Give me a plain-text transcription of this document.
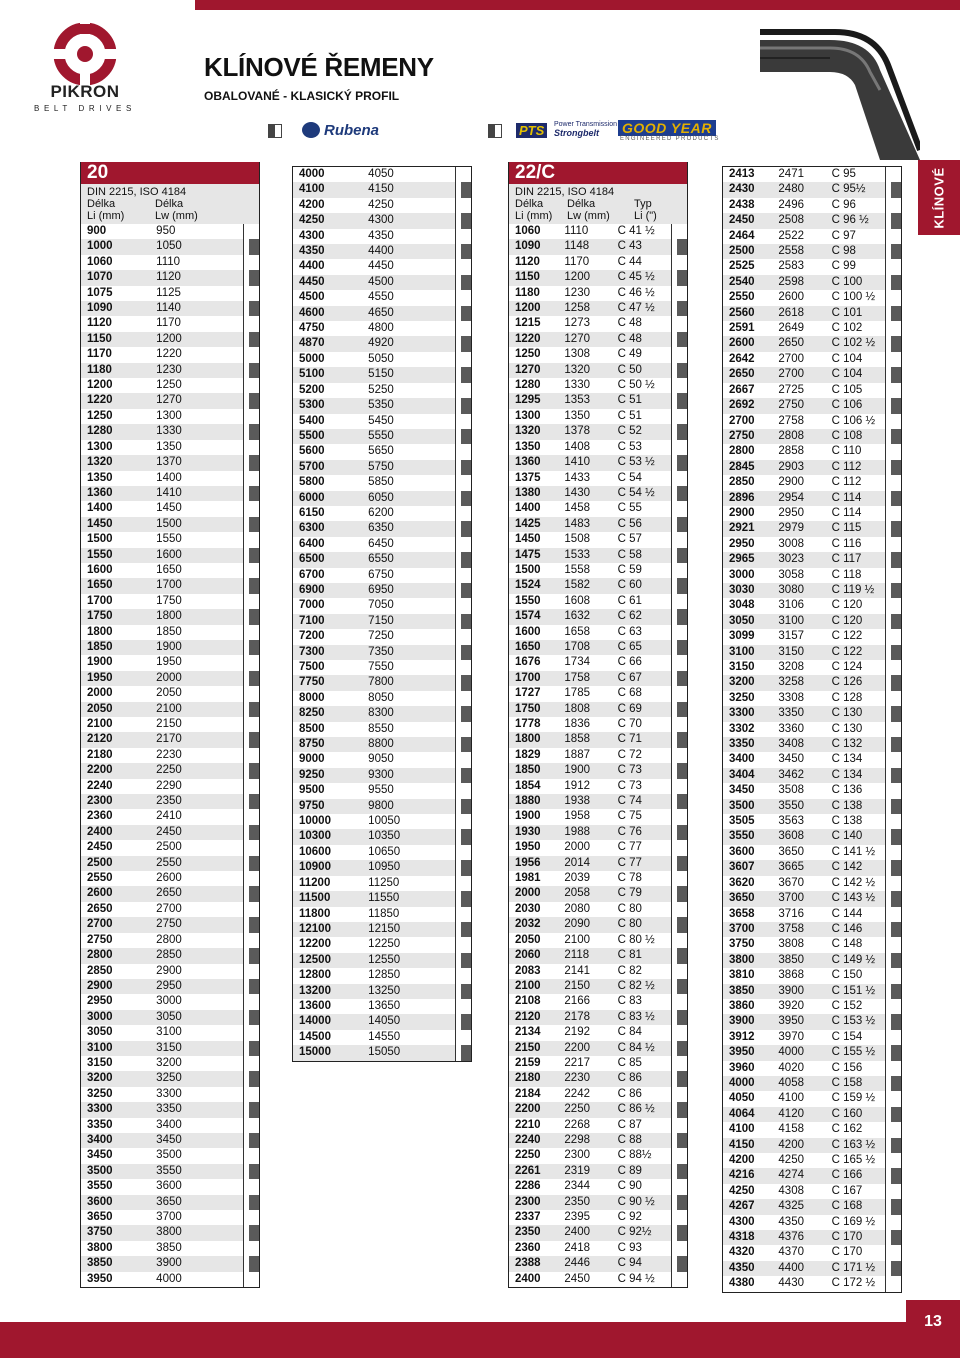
PIKRON
BELT DRIVES
KLÍNOVÉ ŘEMENY
OBALOVANÉ - KLASICKÝ PROFIL
Rubena	PTS	Power Transmission
Strongbelt	GOOD YEAR
ENGINEERED PRODUCTS
KLÍNOVÉ
20
DIN 2215, ISO 4184
Délka	Délka
Li (mm)	Lw (mm)
900	950
1000	1050
1060	1110
1070	1120
1075	1125
1090	1140
1120	1170
1150	1200
1170	1220
1180	1230
1200	1250
1220	1270
1250	1300
1280	1330
1300	1350
1320	1370
1350	1400
1360	1410
1400	1450
1450	1500
1500	1550
1550	1600
1600	1650
1650	1700
1700	1750
1750	1800
1800	1850
1850	1900
1900	1950
1950	2000
2000	2050
2050	2100
2100	2150
2120	2170
2180	2230
2200	2250
2240	2290
2300	2350
2360	2410
2400	2450
2450	2500
2500	2550
2550	2600
2600	2650
2650	2700
2700	2750
2750	2800
2800	2850
2850	2900
2900	2950
2950	3000
3000	3050
3050	3100
3100	3150
3150	3200
3200	3250
3250	3300
3300	3350
3350	3400
3400	3450
3450	3500
3500	3550
3550	3600
3600	3650
3650	3700
3750	3800
3800	3850
3850	3900
3950	4000
4000	4050
4100	4150
4200	4250
4250	4300
4300	4350
4350	4400
4400	4450
4450	4500
4500	4550
4600	4650
4750	4800
4870	4920
5000	5050
5100	5150
5200	5250
5300	5350
5400	5450
5500	5550
5600	5650
5700	5750
5800	5850
6000	6050
6150	6200
6300	6350
6400	6450
6500	6550
6700	6750
6900	6950
7000	7050
7100	7150
7200	7250
7300	7350
7500	7550
7750	7800
8000	8050
8250	8300
8500	8550
8750	8800
9000	9050
9250	9300
9500	9550
9750	9800
10000	10050
10300	10350
10600	10650
10900	10950
11200	11250
11500	11550
11800	11850
12100	12150
12200	12250
12500	12550
12800	12850
13200	13250
13600	13650
14000	14050
14500	14550
15000	15050
22/C
DIN 2215, ISO 4184
Délka	Délka	Typ
Li (mm)	Lw (mm)	Li (")
1060	1110	C 41 ½
1090	1148	C 43
1120	1170	C 44
1150	1200	C 45 ½
1180	1230	C 46 ½
1200	1258	C 47 ½
1215	1273	C 48
1220	1270	C 48
1250	1308	C 49
1270	1320	C 50
1280	1330	C 50 ½
1295	1353	C 51
1300	1350	C 51
1320	1378	C 52
1350	1408	C 53
1360	1410	C 53 ½
1375	1433	C 54
1380	1430	C 54 ½
1400	1458	C 55
1425	1483	C 56
1450	1508	C 57
1475	1533	C 58
1500	1558	C 59
1524	1582	C 60
1550	1608	C 61
1574	1632	C 62
1600	1658	C 63
1650	1708	C 65
1676	1734	C 66
1700	1758	C 67
1727	1785	C 68
1750	1808	C 69
1778	1836	C 70
1800	1858	C 71
1829	1887	C 72
1850	1900	C 73
1854	1912	C 73
1880	1938	C 74
1900	1958	C 75
1930	1988	C 76
1950	2000	C 77
1956	2014	C 77
1981	2039	C 78
2000	2058	C 79
2030	2080	C 80
2032	2090	C 80
2050	2100	C 80 ½
2060	2118	C 81
2083	2141	C 82
2100	2150	C 82 ½
2108	2166	C 83
2120	2178	C 83 ½
2134	2192	C 84
2150	2200	C 84 ½
2159	2217	C 85
2180	2230	C 86
2184	2242	C 86
2200	2250	C 86 ½
2210	2268	C 87
2240	2298	C 88
2250	2300	C 88½
2261	2319	C 89
2286	2344	C 90
2300	2350	C 90 ½
2337	2395	C 92
2350	2400	C 92½
2360	2418	C 93
2388	2446	C 94
2400	2450	C 94 ½
2413	2471	C 95
2430	2480	C 95½
2438	2496	C 96
2450	2508	C 96 ½
2464	2522	C 97
2500	2558	C 98
2525	2583	C 99
2540	2598	C 100
2550	2600	C 100 ½
2560	2618	C 101
2591	2649	C 102
2600	2650	C 102 ½
2642	2700	C 104
2650	2700	C 104
2667	2725	C 105
2692	2750	C 106
2700	2758	C 106 ½
2750	2808	C 108
2800	2858	C 110
2845	2903	C 112
2850	2900	C 112
2896	2954	C 114
2900	2950	C 114
2921	2979	C 115
2950	3008	C 116
2965	3023	C 117
3000	3058	C 118
3030	3080	C 119 ½
3048	3106	C 120
3050	3100	C 120
3099	3157	C 122
3100	3150	C 122
3150	3208	C 124
3200	3258	C 126
3250	3308	C 128
3300	3350	C 130
3302	3360	C 130
3350	3408	C 132
3400	3450	C 134
3404	3462	C 134
3450	3508	C 136
3500	3550	C 138
3505	3563	C 138
3550	3608	C 140
3600	3650	C 141 ½
3607	3665	C 142
3620	3670	C 142 ½
3650	3700	C 143 ½
3658	3716	C 144
3700	3758	C 146
3750	3808	C 148
3800	3850	C 149 ½
3810	3868	C 150
3850	3900	C 151 ½
3860	3920	C 152
3900	3950	C 153 ½
3912	3970	C 154
3950	4000	C 155 ½
3960	4020	C 156
4000	4058	C 158
4050	4100	C 159 ½
4064	4120	C 160
4100	4158	C 162
4150	4200	C 163 ½
4200	4250	C 165 ½
4216	4274	C 166
4250	4308	C 167
4267	4325	C 168
4300	4350	C 169 ½
4318	4376	C 170
4320	4370	C 170
4350	4400	C 171 ½
4380	4430	C 172 ½
13
